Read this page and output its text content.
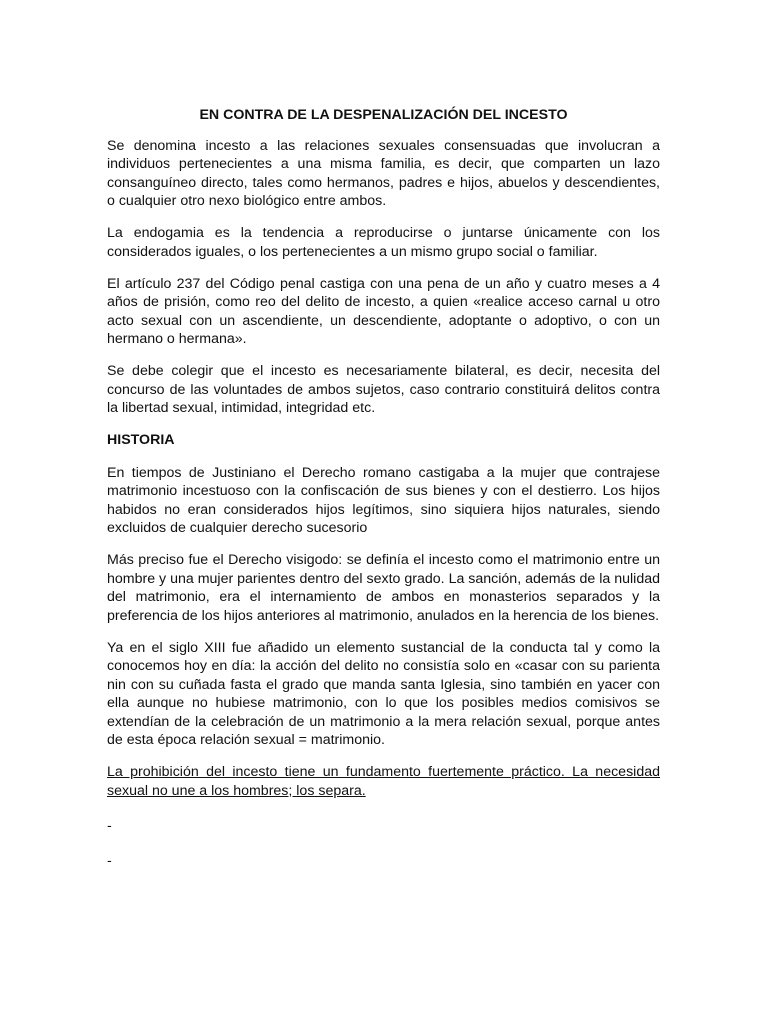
EN CONTRA DE LA DESPENALIZACIÓN DEL INCESTO

Se denomina incesto a las relaciones sexuales consensuadas que involucran a individuos pertenecientes a una misma familia, es decir, que comparten un lazo consanguíneo directo, tales como hermanos, padres e hijos, abuelos y descendientes, o cualquier otro nexo biológico entre ambos.

La endogamia es la tendencia a reproducirse o juntarse únicamente con los considerados iguales, o los pertenecientes a un mismo grupo social o familiar.

El artículo 237 del Código penal castiga con una pena de un año y cuatro meses a 4 años de prisión, como reo del delito de incesto, a quien «realice acceso carnal u otro acto sexual con un ascendiente, un descendiente, adoptante o adoptivo, o con un hermano o hermana».

Se debe colegir que el incesto es necesariamente bilateral, es decir, necesita del concurso de las voluntades de ambos sujetos, caso contrario constituirá delitos contra la libertad sexual, intimidad, integridad etc.

HISTORIA

En tiempos de Justiniano el Derecho romano castigaba a la mujer que contrajese matrimonio incestuoso con la confiscación de sus bienes y con el destierro. Los hijos habidos no eran considerados hijos legítimos, sino siquiera hijos naturales, siendo excluidos de cualquier derecho sucesorio

Más preciso fue el Derecho visigodo: se definía el incesto como el matrimonio entre un hombre y una mujer parientes dentro del sexto grado. La sanción, además de la nulidad del matrimonio, era el internamiento de ambos en monasterios separados y la preferencia de los hijos anteriores al matrimonio, anulados en la herencia de los bienes.

Ya en el siglo XIII fue añadido un elemento sustancial de la conducta tal y como la conocemos hoy en día: la acción del delito no consistía solo en «casar con su parienta nin con su cuñada fasta el grado que manda santa Iglesia, sino también en yacer con ella aunque no hubiese matrimonio, con lo que los posibles medios comisivos se extendían de la celebración de un matrimonio a la mera relación sexual, porque antes de esta época relación sexual = matrimonio.

La prohibición del incesto tiene un fundamento fuertemente práctico. La necesidad sexual no une a los hombres; los separa.

-
-
